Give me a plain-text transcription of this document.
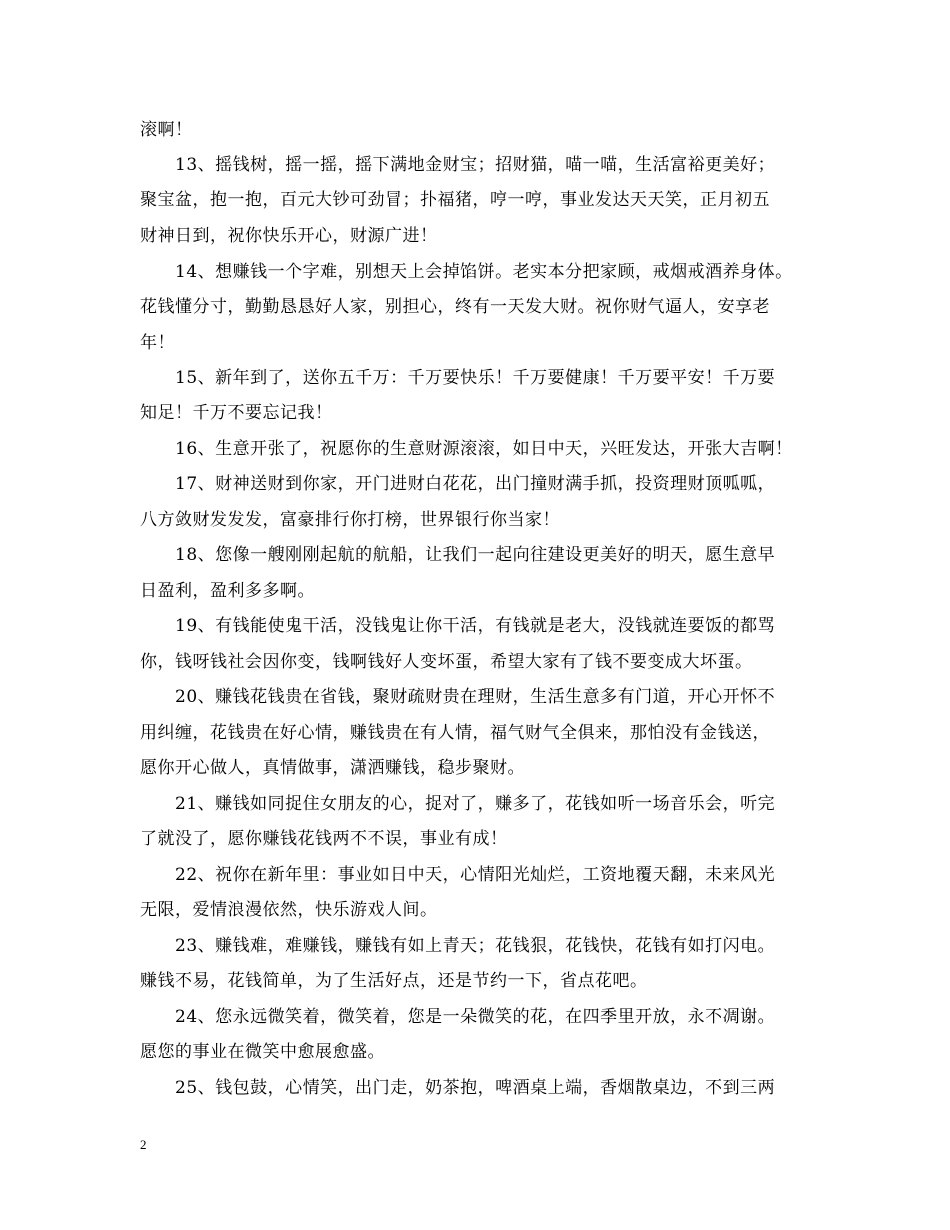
滚啊！
13、摇钱树，摇一摇，摇下满地金财宝；招财猫，喵一喵，生活富裕更美好；
聚宝盆，抱一抱，百元大钞可劲冒；扑福猪，哼一哼，事业发达天天笑，正月初五
财神日到，祝你快乐开心，财源广进！
14、想赚钱一个字难，别想天上会掉馅饼。老实本分把家顾，戒烟戒酒养身体。
花钱懂分寸，勤勤恳恳好人家，别担心，终有一天发大财。祝你财气逼人，安享老
年！
15、新年到了，送你五千万：千万要快乐！千万要健康！千万要平安！千万要
知足！千万不要忘记我！
16、生意开张了，祝愿你的生意财源滚滚，如日中天，兴旺发达，开张大吉啊！
17、财神送财到你家，开门进财白花花，出门撞财满手抓，投资理财顶呱呱，
八方敛财发发发，富豪排行你打榜，世界银行你当家！
18、您像一艘刚刚起航的航船，让我们一起向往建设更美好的明天，愿生意早
日盈利，盈利多多啊。
19、有钱能使鬼干活，没钱鬼让你干活，有钱就是老大，没钱就连要饭的都骂
你，钱呀钱社会因你变，钱啊钱好人变坏蛋，希望大家有了钱不要变成大坏蛋。
20、赚钱花钱贵在省钱，聚财疏财贵在理财，生活生意多有门道，开心开怀不
用纠缠，花钱贵在好心情，赚钱贵在有人情，福气财气全俱来，那怕没有金钱送，
愿你开心做人，真情做事，潇洒赚钱，稳步聚财。
21、赚钱如同捉住女朋友的心，捉对了，赚多了，花钱如听一场音乐会，听完
了就没了，愿你赚钱花钱两不不误，事业有成！
22、祝你在新年里：事业如日中天，心情阳光灿烂，工资地覆天翻，未来风光
无限，爱情浪漫依然，快乐游戏人间。
23、赚钱难，难赚钱，赚钱有如上青天；花钱狠，花钱快，花钱有如打闪电。
赚钱不易，花钱简单，为了生活好点，还是节约一下，省点花吧。
24、您永远微笑着，微笑着，您是一朵微笑的花，在四季里开放，永不凋谢。
愿您的事业在微笑中愈展愈盛。
25、钱包鼓，心情笑，出门走，奶茶抱，啤酒桌上端，香烟散桌边，不到三两
2
